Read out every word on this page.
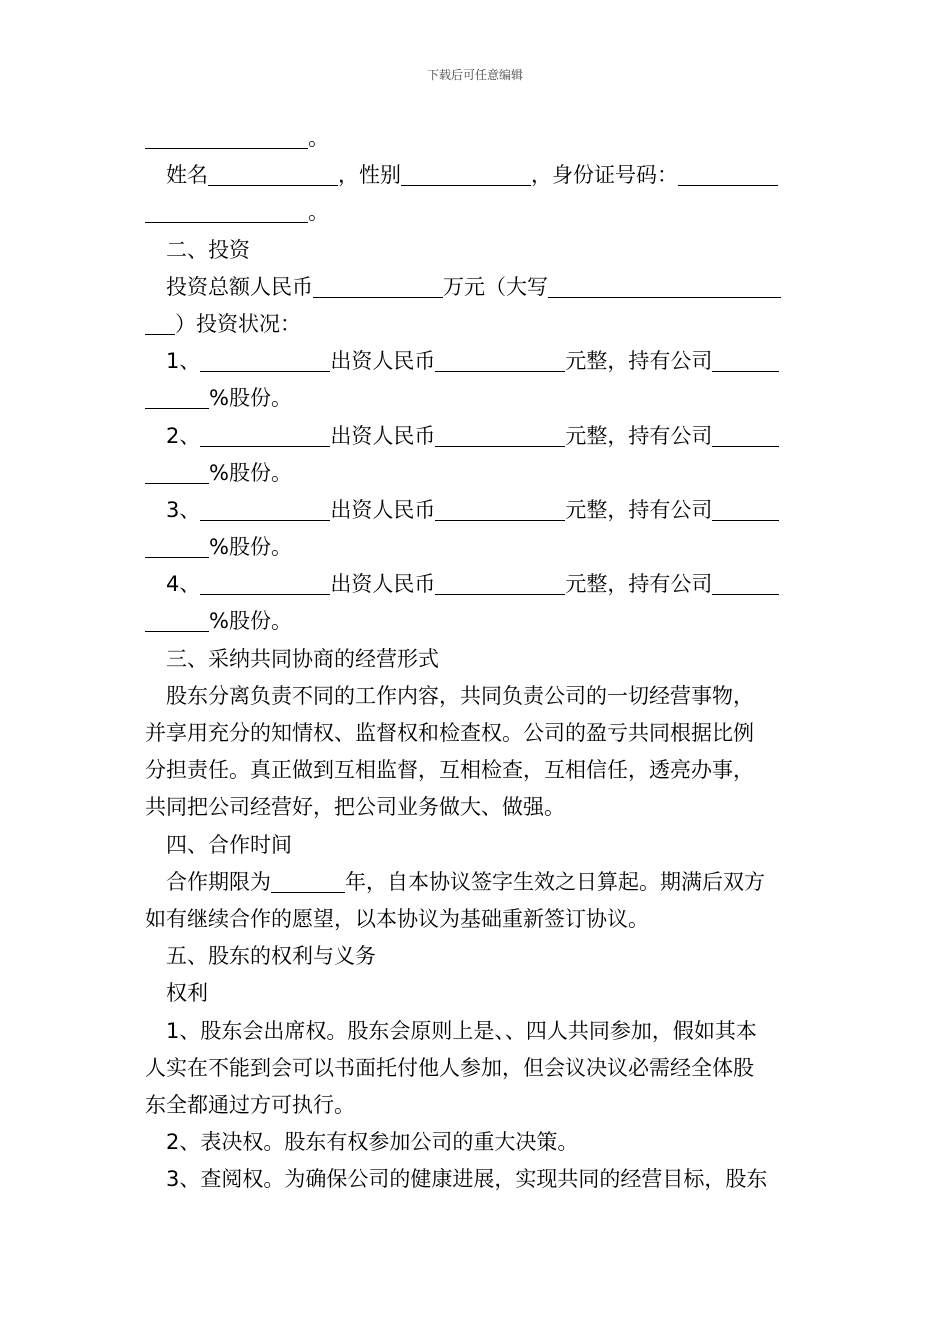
下载后可任意编辑
。
姓名	，性别	，身份证号码：
。
二、投资
投资总额人民币	万元（大写
）投资状况：
1、	出资人民币	元整，持有公司
%股份。
2、	出资人民币	元整，持有公司
%股份。
3、	出资人民币	元整，持有公司
%股份。
4、	出资人民币	元整，持有公司
%股份。
三、采纳共同协商的经营形式
股东分离负责不同的工作内容，共同负责公司的一切经营事物，
并享用充分的知情权、监督权和检查权。公司的盈亏共同根据比例
分担责任。真正做到互相监督，互相检查，互相信任，透亮办事，
共同把公司经营好，把公司业务做大、做强。
四、合作时间
合作期限为	年，自本协议签字生效之日算起。期满后双方
如有继续合作的愿望，以本协议为基础重新签订协议。
五、股东的权利与义务
权利
1、股东会出席权。股东会原则上是、、四人共同参加，假如其本
人实在不能到会可以书面托付他人参加，但会议决议必需经全体股
东全都通过方可执行。
2、表决权。股东有权参加公司的重大决策。
3、查阅权。为确保公司的健康进展，实现共同的经营目标，股东
